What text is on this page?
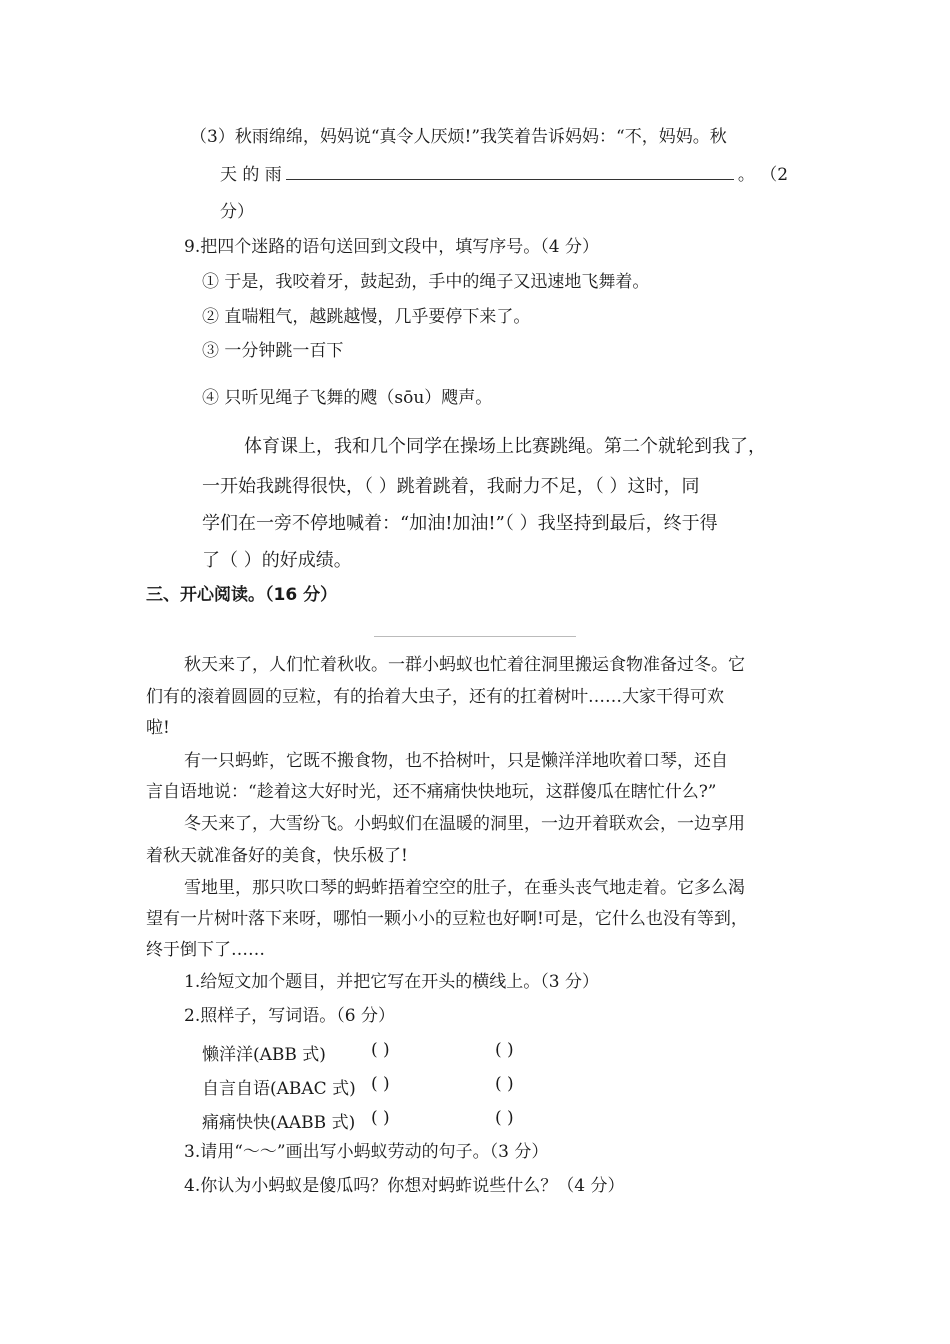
（3）秋雨绵绵，妈妈说“真令人厌烦!”我笑着告诉妈妈：“不，妈妈。秋
天 的 雨	。 （2
分）
9.把四个迷路的语句送回到文段中，填写序号。（4 分）
① 于是，我咬着牙，鼓起劲，手中的绳子又迅速地飞舞着。
② 直喘粗气，越跳越慢，几乎要停下来了。
③ 一分钟跳一百下
④ 只听见绳子飞舞的飕（sōu）飕声。
体育课上，我和几个同学在操场上比赛跳绳。第二个就轮到我了，
一开始我跳得很快，（ ）跳着跳着，我耐力不足，（ ）这时，同
学们在一旁不停地喊着：“加油!加油!”（ ）我坚持到最后，终于得
了（ ）的好成绩。
三、开心阅读。（16 分）
秋天来了，人们忙着秋收。一群小蚂蚁也忙着往洞里搬运食物准备过冬。它
们有的滚着圆圆的豆粒，有的抬着大虫子，还有的扛着树叶……大家干得可欢
啦!
有一只蚂蚱，它既不搬食物，也不拾树叶，只是懒洋洋地吹着口琴，还自
言自语地说：“趁着这大好时光，还不痛痛快快地玩，这群傻瓜在瞎忙什么?”
冬天来了，大雪纷飞。小蚂蚁们在温暖的洞里，一边开着联欢会，一边享用
着秋天就准备好的美食，快乐极了!
雪地里，那只吹口琴的蚂蚱捂着空空的肚子，在垂头丧气地走着。它多么渴
望有一片树叶落下来呀，哪怕一颗小小的豆粒也好啊!可是，它什么也没有等到，
终于倒下了……
1.给短文加个题目，并把它写在开头的横线上。（3 分）
2.照样子，写词语。（6 分）
懒洋洋(ABB 式)	( )	( )
自言自语(ABAC 式) ( )	( )
痛痛快快(AABB 式) ( )	( )
3.请用“～～”画出写小蚂蚁劳动的句子。（3 分）
4.你认为小蚂蚁是傻瓜吗？你想对蚂蚱说些什么？（4 分）
